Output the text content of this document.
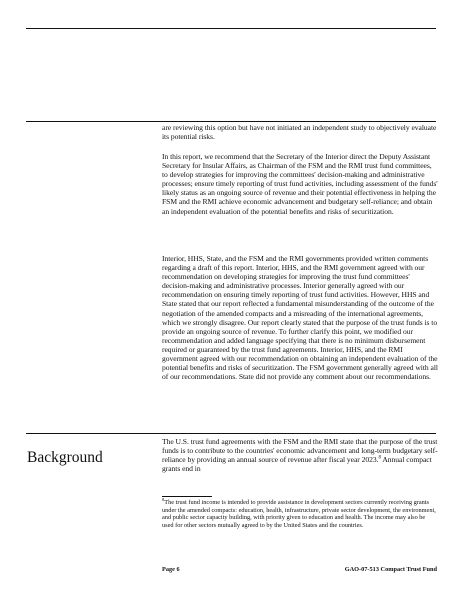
are reviewing this option but have not initiated an independent study to objectively evaluate its potential risks.

In this report, we recommend that the Secretary of the Interior direct the Deputy Assistant Secretary for Insular Affairs, as Chairman of the FSM and the RMI trust fund committees, to develop strategies for improving the committees' decision-making and administrative processes; ensure timely reporting of trust fund activities, including assessment of the funds' likely status as an ongoing source of revenue and their potential effectiveness in helping the FSM and the RMI achieve economic advancement and budgetary self-reliance; and obtain an independent evaluation of the potential benefits and risks of securitization.

Interior, HHS, State, and the FSM and the RMI governments provided written comments regarding a draft of this report. Interior, HHS, and the RMI government agreed with our recommendation on developing strategies for improving the trust fund committees' decision-making and administrative processes. Interior generally agreed with our recommendation on ensuring timely reporting of trust fund activities. However, HHS and State stated that our report reflected a fundamental misunderstanding of the outcome of the negotiation of the amended compacts and a misreading of the international agreements, which we strongly disagree. Our report clearly stated that the purpose of the trust funds is to provide an ongoing source of revenue. To further clarify this point, we modified our recommendation and added language specifying that there is no minimum disbursement required or guaranteed by the trust fund agreements. Interior, HHS, and the RMI government agreed with our recommendation on obtaining an independent evaluation of the potential benefits and risks of securitization. The FSM government generally agreed with all of our recommendations. State did not provide any comment about our recommendations.

Background

The U.S. trust fund agreements with the FSM and the RMI state that the purpose of the trust funds is to contribute to the countries' economic advancement and long-term budgetary self-reliance by providing an annual source of revenue after fiscal year 2023.$^8$ Annual compact grants end in

$^8$The trust fund income is intended to provide assistance in development sectors currently receiving grants under the amended compacts: education, health, infrastructure, private sector development, the environment, and public sector capacity building, with priority given to education and health. The income may also be used for other sectors mutually agreed to by the United States and the countries.
Page 6	GAO-07-513 Compact Trust Fund
